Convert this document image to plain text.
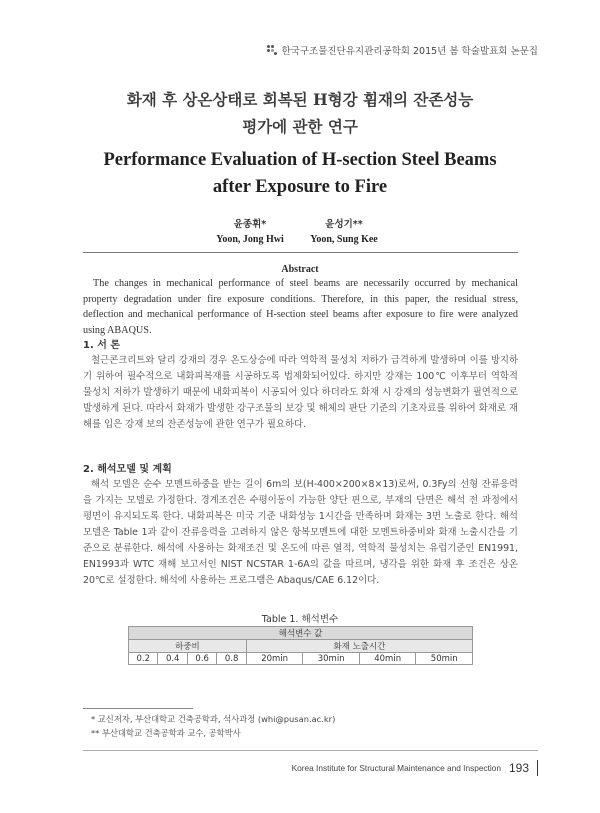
한국구조물진단유지관리공학회 2015년 봄 학술발표회 논문집
화재 후 상온상태로 회복된 H형강 휨재의 잔존성능
평가에 관한 연구
Performance Evaluation of H-section Steel Beams
after Exposure to Fire
윤종휘*
Yoon, Jong Hwi
윤성기**
Yoon, Sung Kee
Abstract
The changes in mechanical performance of steel beams are necessarily occurred by mechanical property degradation under fire exposure conditions. Therefore, in this paper, the residual stress, deflection and mechanical performance of H-section steel beams after exposure to fire were analyzed using ABAQUS.
1. 서 론
철근콘크리트와 달리 강재의 경우 온도상승에 따라 역학적 물성치 저하가 급격하게 발생하며 이를 방지하기 위하여 필수적으로 내화피복재를 시공하도록 법제화되어있다. 하지만 강재는 100℃ 이후부터 역학적 물성치 저하가 발생하기 때문에 내화피복이 시공되어 있다 하더라도 화재 시 강재의 성능변화가 필연적으로 발생하게 된다. 따라서 화재가 발생한 강구조물의 보강 및 해체의 판단 기준의 기초자료를 위하여 화재로 재해를 입은 강재 보의 잔존성능에 관한 연구가 필요하다.
2. 해석모델 및 계획
해석 모델은 순수 모멘트하중을 받는 길이 6m의 보(H-400×200×8×13)로써, 0.3Fy의 선형 잔류응력을 가지는 모델로 가정한다. 경계조건은 수평이동이 가능한 양단 핀으로, 부재의 단면은 해석 전 과정에서 평면이 유지되도록 한다. 내화피복은 미국 기준 내화성능 1시간을 만족하며 화재는 3면 노출로 한다. 해석모델은 Table 1과 같이 잔류응력을 고려하지 않은 항복모멘트에 대한 모멘트하중비와 화재 노출시간을 기준으로 분류한다. 해석에 사용하는 화재조건 및 온도에 따른 열적, 역학적 물성치는 유럽기준인 EN1991, EN1993과 WTC 재해 보고서인 NIST NCSTAR 1-6A의 값을 따르며, 냉각을 위한 화재 후 조건은 상온 20℃로 설정한다. 해석에 사용하는 프로그램은 Abaqus/CAE 6.12이다.
Table 1. 해석변수
해석변수 값							
하중비				화재 노출시간			
0.2	0.4	0.6	0.8	20min	30min	40min	50min
* 교신저자, 부산대학교 건축공학과, 석사과정 (whi@pusan.ac.kr)
** 부산대학교 건축공학과 교수, 공학박사
Korea Institute for Structural Maintenance and Inspection 193
